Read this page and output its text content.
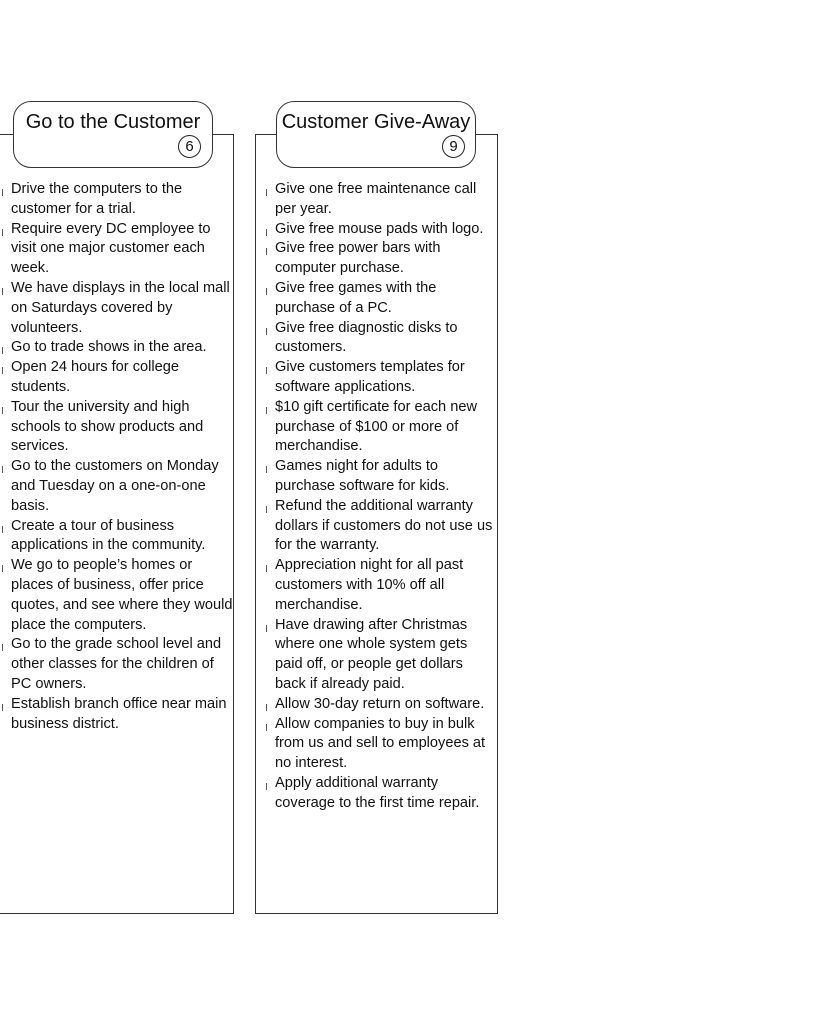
Go to the Customer
6
Customer Give-Away
9
Drive the computers to the customer for a trial.
Require every DC employee to visit one major customer each week.
We have displays in the local mall on Saturdays covered by volunteers.
Go to trade shows in the area.
Open 24 hours for college students.
Tour the university and high schools to show products and services.
Go to the customers on Monday and Tuesday on a one-on-one basis.
Create a tour of business applications in the community.
We go to people’s homes or places of business, offer price quotes, and see where they would place the computers.
Go to the grade school level and other classes for the children of PC owners.
Establish branch office near main business district.
Give one free maintenance call per year.
Give free mouse pads with logo.
Give free power bars with computer purchase.
Give free games with the purchase of a PC.
Give free diagnostic disks to customers.
Give customers templates for software applications.
$10 gift certificate for each new purchase of $100 or more of merchandise.
Games night for adults to purchase software for kids.
Refund the additional warranty dollars if customers do not use us for the warranty.
Appreciation night for all past customers with 10% off all merchandise.
Have drawing after Christmas where one whole system gets paid off, or people get dollars back if already paid.
Allow 30-day return on software.
Allow companies to buy in bulk from us and sell to employees at no interest.
Apply additional warranty coverage to the first time repair.
